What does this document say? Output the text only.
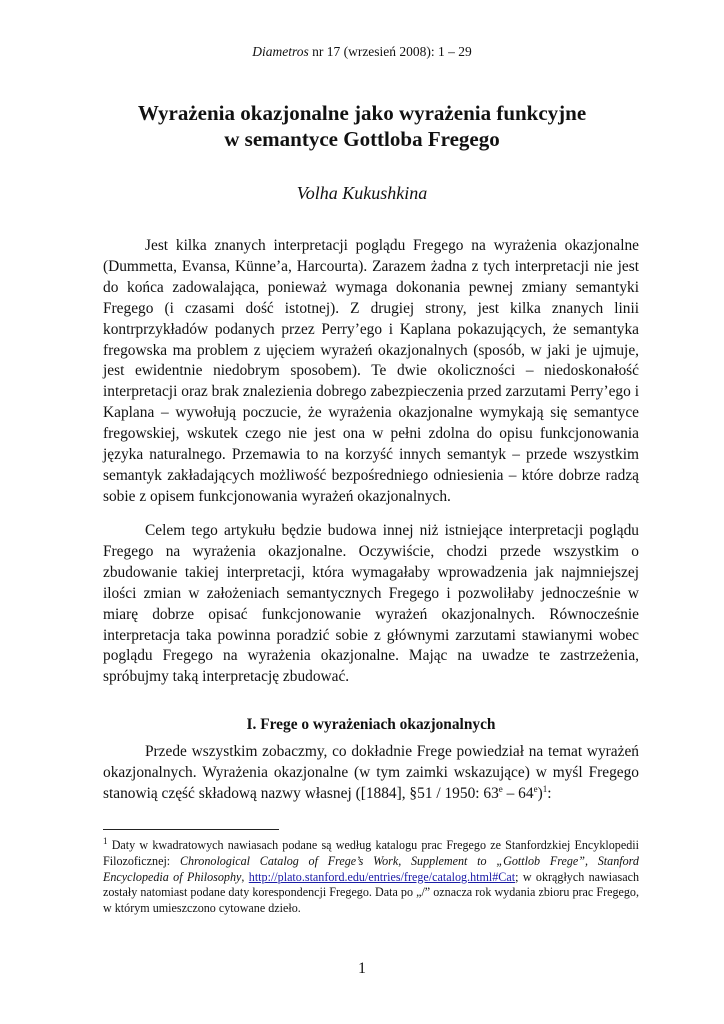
Diametros nr 17 (wrzesień 2008): 1 – 29
Wyrażenia okazjonalne jako wyrażenia funkcyjne
w semantyce Gottloba Fregego
Volha Kukushkina

Jest kilka znanych interpretacji poglądu Fregego na wyrażenia okazjonalne (Dummetta, Evansa, Künne’a, Harcourta). Zarazem żadna z tych interpretacji nie jest do końca zadowalająca, ponieważ wymaga dokonania pewnej zmiany semantyki Fregego (i czasami dość istotnej). Z drugiej strony, jest kilka znanych linii kontrprzykładów podanych przez Perry’ego i Kaplana pokazujących, że semantyka fregowska ma problem z ujęciem wyrażeń okazjonalnych (sposób, w jaki je ujmuje, jest ewidentnie niedobrym sposobem). Te dwie okoliczności – niedoskonałość interpretacji oraz brak znalezienia dobrego zabezpieczenia przed zarzutami Perry’ego i Kaplana – wywołują poczucie, że wyrażenia okazjonalne wymykają się semantyce fregowskiej, wskutek czego nie jest ona w pełni zdolna do opisu funkcjonowania języka naturalnego. Przemawia to na korzyść innych semantyk – przede wszystkim semantyk zakładających możliwość bezpośredniego odniesienia – które dobrze radzą sobie z opisem funkcjonowania wyrażeń okazjonalnych.

Celem tego artykułu będzie budowa innej niż istniejące interpretacji poglądu Fregego na wyrażenia okazjonalne. Oczywiście, chodzi przede wszystkim o zbudowanie takiej interpretacji, która wymagałaby wprowadzenia jak najmniejszej ilości zmian w założeniach semantycznych Fregego i pozwoliłaby jednocześnie w miarę dobrze opisać funkcjonowanie wyrażeń okazjonalnych. Równocześnie interpretacja taka powinna poradzić sobie z głównymi zarzutami stawianymi wobec poglądu Fregego na wyrażenia okazjonalne. Mając na uwadze te zastrzeżenia, spróbujmy taką interpretację zbudować.

I. Frege o wyrażeniach okazjonalnych

Przede wszystkim zobaczmy, co dokładnie Frege powiedział na temat wyrażeń okazjonalnych. Wyrażenia okazjonalne (w tym zaimki wskazujące) w myśl Fregego stanowią część składową nazwy własnej ([1884], §51 / 1950: 63e – 64e)$^1$:

$^1$ Daty w kwadratowych nawiasach podane są według katalogu prac Fregego ze Stanfordzkiej Encyklopedii Filozoficznej: Chronological Catalog of Frege’s Work, Supplement to „Gottlob Frege”, Stanford Encyclopedia of Philosophy, http://plato.stanford.edu/entries/frege/catalog.html#Cat; w okrągłych nawiasach zostały natomiast podane daty korespondencji Fregego. Data po „/” oznacza rok wydania zbioru prac Fregego, w którym umieszczono cytowane dzieło.

1
